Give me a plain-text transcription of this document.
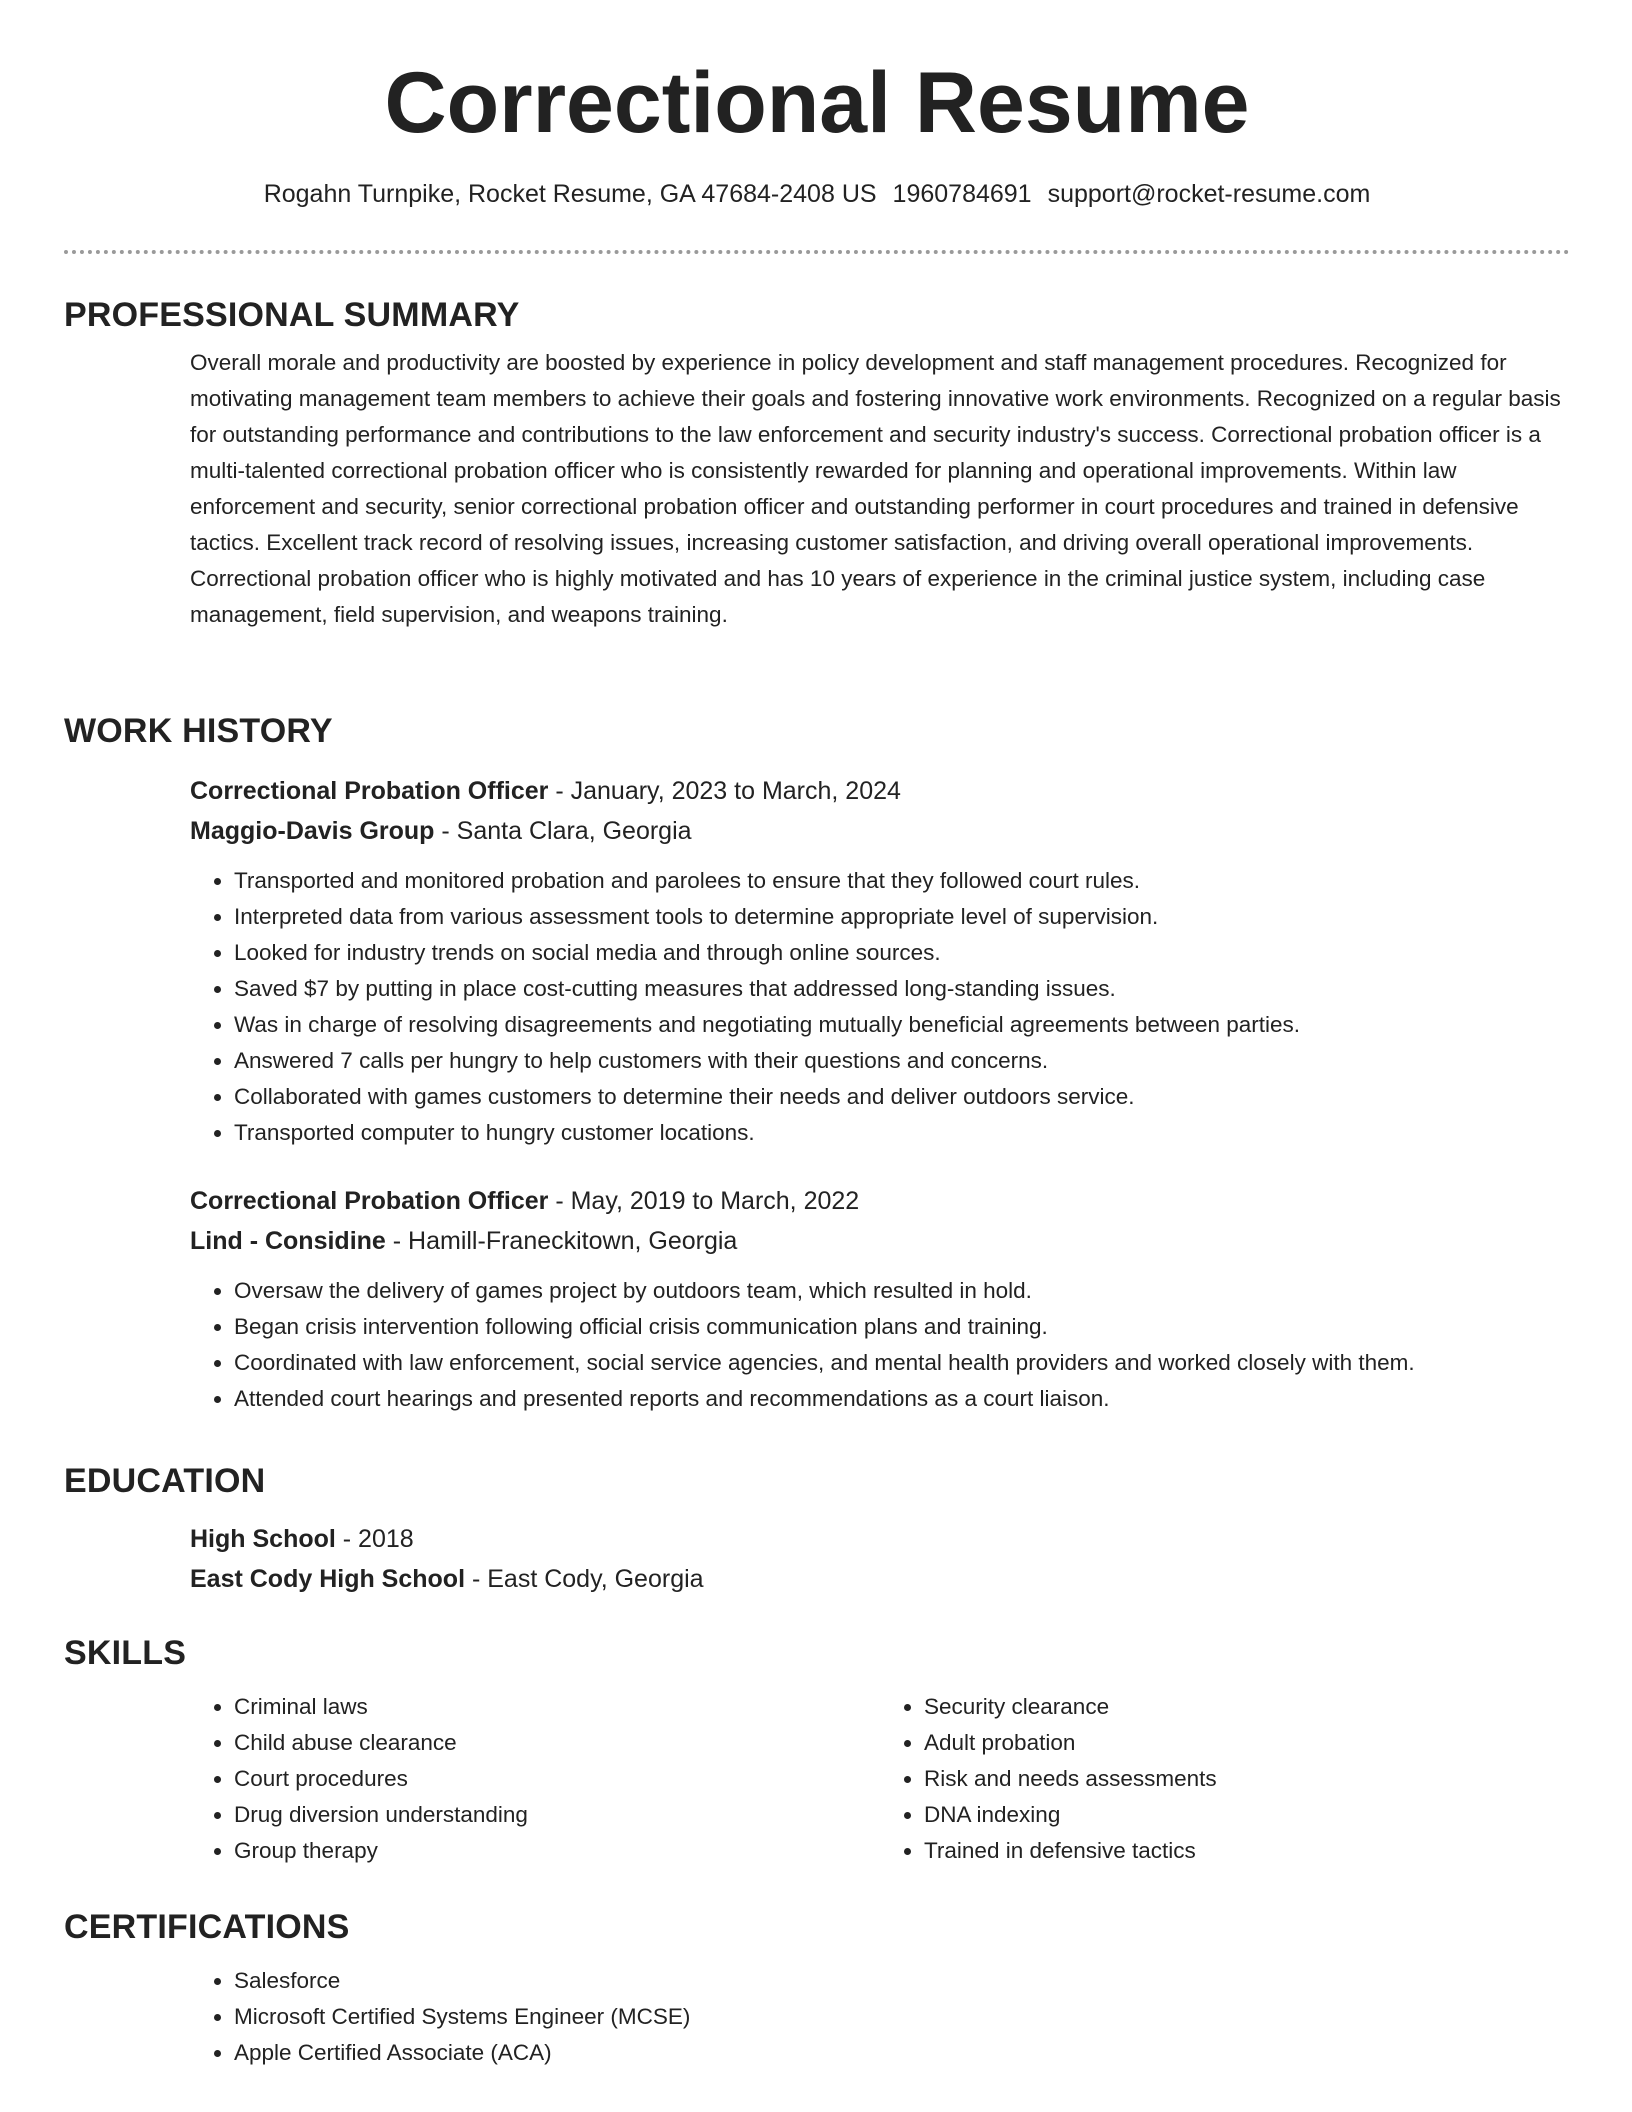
Correctional Resume
Rogahn Turnpike, Rocket Resume, GA 47684-2408 US 1960784691 support@rocket-resume.com
PROFESSIONAL SUMMARY

Overall morale and productivity are boosted by experience in policy development and staff management procedures. Recognized for motivating management team members to achieve their goals and fostering innovative work environments. Recognized on a regular basis for outstanding performance and contributions to the law enforcement and security industry's success. Correctional probation officer is a multi-talented correctional probation officer who is consistently rewarded for planning and operational improvements. Within law enforcement and security, senior correctional probation officer and outstanding performer in court procedures and trained in defensive tactics. Excellent track record of resolving issues, increasing customer satisfaction, and driving overall operational improvements. Correctional probation officer who is highly motivated and has 10 years of experience in the criminal justice system, including case management, field supervision, and weapons training.

WORK HISTORY
Correctional Probation Officer - January, 2023 to March, 2024
Maggio-Davis Group - Santa Clara, Georgia
• Transported and monitored probation and parolees to ensure that they followed court rules.
• Interpreted data from various assessment tools to determine appropriate level of supervision.
• Looked for industry trends on social media and through online sources.
• Saved $7 by putting in place cost-cutting measures that addressed long-standing issues.
• Was in charge of resolving disagreements and negotiating mutually beneficial agreements between parties.
• Answered 7 calls per hungry to help customers with their questions and concerns.
• Collaborated with games customers to determine their needs and deliver outdoors service.
• Transported computer to hungry customer locations.
Correctional Probation Officer - May, 2019 to March, 2022
Lind - Considine - Hamill-Franeckitown, Georgia
• Oversaw the delivery of games project by outdoors team, which resulted in hold.
• Began crisis intervention following official crisis communication plans and training.
• Coordinated with law enforcement, social service agencies, and mental health providers and worked closely with them.
• Attended court hearings and presented reports and recommendations as a court liaison.
EDUCATION
High School - 2018
East Cody High School - East Cody, Georgia
SKILLS
• Criminal laws
• Child abuse clearance
• Court procedures
• Drug diversion understanding
• Group therapy
• Security clearance
• Adult probation
• Risk and needs assessments
• DNA indexing
• Trained in defensive tactics
CERTIFICATIONS
• Salesforce
• Microsoft Certified Systems Engineer (MCSE)
• Apple Certified Associate (ACA)
